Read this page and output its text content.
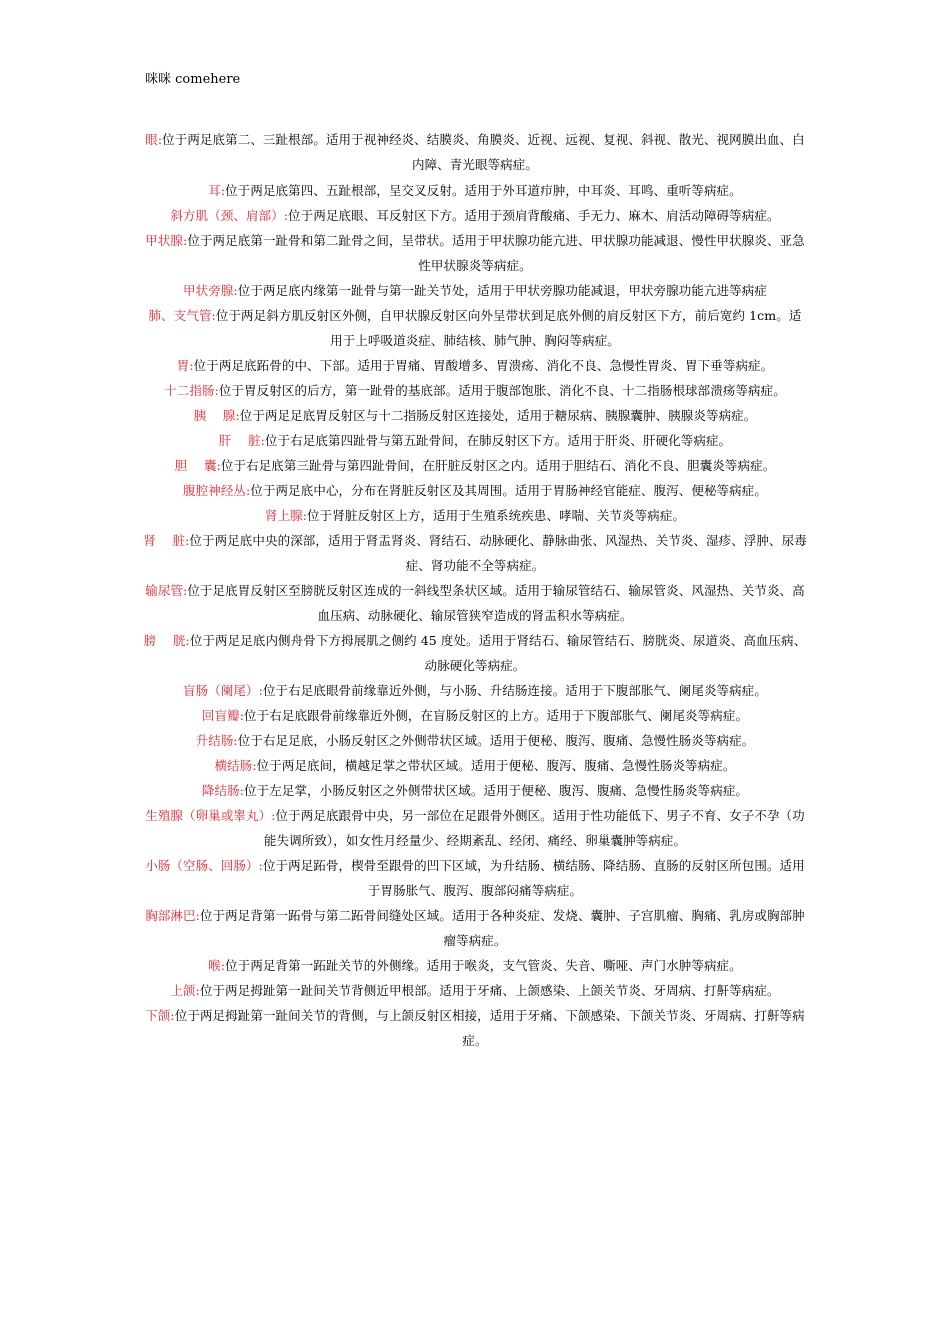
咪咪 comehere

眼:位于两足底第二、三趾根部。适用于视神经炎、结膜炎、角膜炎、近视、远视、复视、斜视、散光、视网膜出血、白内障、青光眼等病症。

耳:位于两足底第四、五趾根部，呈交叉反射。适用于外耳道疖肿，中耳炎、耳鸣、重听等病症。

斜方肌（颈、肩部）:位于两足底眼、耳反射区下方。适用于颈肩背酸痛、手无力、麻木、肩活动障碍等病症。

甲状腺:位于两足底第一趾骨和第二趾骨之间，呈带状。适用于甲状腺功能亢进、甲状腺功能减退、慢性甲状腺炎、亚急性甲状腺炎等病症。

甲状旁腺:位于两足底内缘第一趾骨与第一趾关节处，适用于甲状旁腺功能减退，甲状旁腺功能亢进等病症

肺、支气管:位于两足斜方肌反射区外侧，自甲状腺反射区向外呈带状到足底外侧的肩反射区下方，前后宽约 1cm。适用于上呼吸道炎症、肺结核、肺气肿、胸闷等病症。

胃:位于两足底跖骨的中、下部。适用于胃痛、胃酸增多、胃溃疡、消化不良、急慢性胃炎、胃下垂等病症。

十二指肠:位于胃反射区的后方，第一趾骨的基底部。适用于腹部饱胀、消化不良、十二指肠根球部溃疡等病症。

胰　 腺:位于两足足底胃反射区与十二指肠反射区连接处，适用于糖尿病、胰腺囊肿、胰腺炎等病症。

肝　 脏:位于右足底第四趾骨与第五趾骨间，在肺反射区下方。适用于肝炎、肝硬化等病症。

胆　 囊:位于右足底第三趾骨与第四趾骨间，在肝脏反射区之内。适用于胆结石、消化不良、胆囊炎等病症。

腹腔神经丛:位于两足底中心，分布在肾脏反射区及其周围。适用于胃肠神经官能症、腹泻、便秘等病症。

肾上腺:位于肾脏反射区上方，适用于生殖系统疾患、哮喘、关节炎等病症。

肾　 脏:位于两足底中央的深部，适用于肾盂肾炎、肾结石、动脉硬化、静脉曲张、风湿热、关节炎、湿疹、浮肿、尿毒症、肾功能不全等病症。

输尿管:位于足底胃反射区至膀胱反射区连成的一斜线型条状区域。适用于输尿管结石、输尿管炎、风湿热、关节炎、高血压病、动脉硬化、输尿管狭窄造成的肾盂积水等病症。

膀　 胱:位于两足足底内侧舟骨下方拇展肌之侧约 45 度处。适用于肾结石、输尿管结石、膀胱炎、尿道炎、高血压病、动脉硬化等病症。

盲肠（阑尾）:位于右足底眼骨前缘靠近外侧，与小肠、升结肠连接。适用于下腹部胀气、阑尾炎等病症。

回盲瓣:位于右足底跟骨前缘靠近外侧，在盲肠反射区的上方。适用于下腹部胀气、阑尾炎等病症。

升结肠:位于右足足底，小肠反射区之外侧带状区域。适用于便秘、腹泻、腹痛、急慢性肠炎等病症。

横结肠:位于两足底间，横越足掌之带状区域。适用于便秘、腹泻、腹痛、急慢性肠炎等病症。

降结肠:位于左足掌，小肠反射区之外侧带状区域。适用于便秘、腹泻、腹痛、急慢性肠炎等病症。

生殖腺（卵巢或睾丸）:位于两足底跟骨中央，另一部位在足跟骨外侧区。适用于性功能低下、男子不育、女子不孕（功能失调所致），如女性月经量少、经期紊乱、经闭、痛经、卵巢囊肿等病症。

小肠（空肠、回肠）:位于两足跖骨，楔骨至跟骨的凹下区域，为升结肠、横结肠、降结肠、直肠的反射区所包围。适用于胃肠胀气、腹泻、腹部闷痛等病症。

胸部淋巴:位于两足背第一跖骨与第二跖骨间缝处区域。适用于各种炎症、发烧、囊肿、子宫肌瘤、胸痛、乳房或胸部肿瘤等病症。

喉:位于两足背第一跖趾关节的外侧缘。适用于喉炎，支气管炎、失音、嘶哑、声门水肿等病症。

上颌:位于两足拇趾第一趾间关节背侧近甲根部。适用于牙痛、上颌感染、上颌关节炎、牙周病、打鼾等病症。

下颌:位于两足拇趾第一趾间关节的背侧，与上颌反射区相接，适用于牙痛、下颌感染、下颌关节炎、牙周病、打鼾等病症。
